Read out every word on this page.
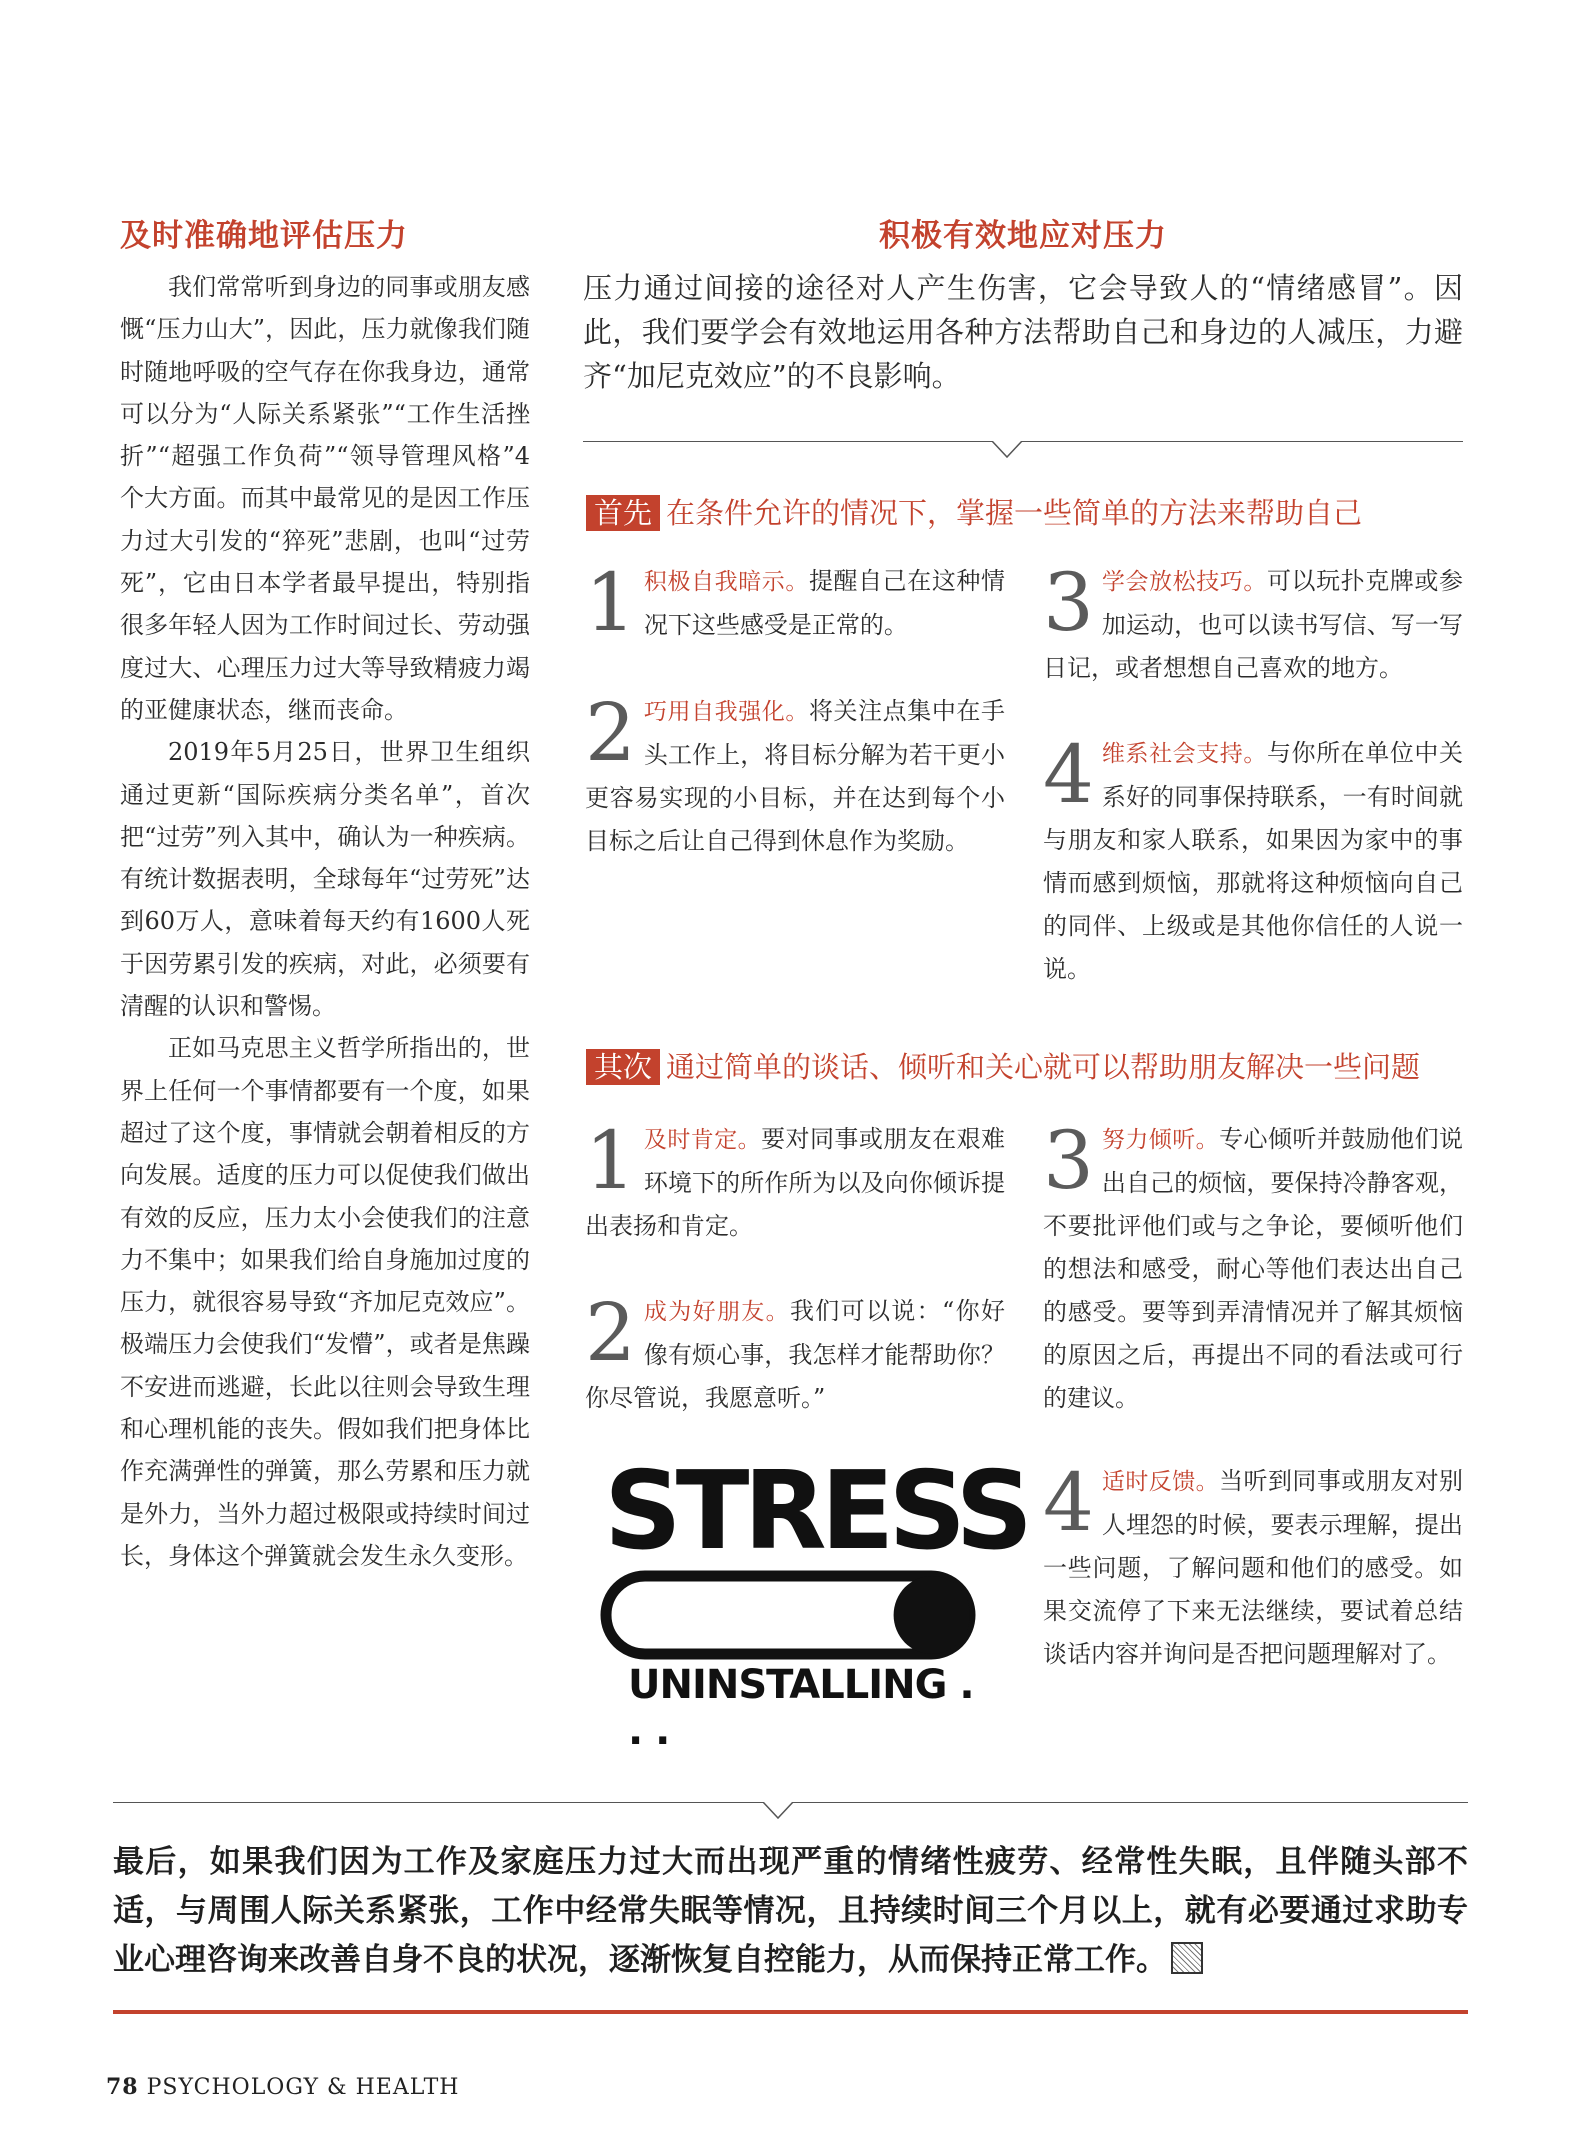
及时准确地评估压力

我们常常听到身边的同事或朋友感慨“压力山大”，因此，压力就像我们随时随地呼吸的空气存在你我身边，通常可以分为“人际关系紧张”“工作生活挫折”“超强工作负荷”“领导管理风格”4个大方面。而其中最常见的是因工作压力过大引发的“猝死”悲剧，也叫“过劳死”，它由日本学者最早提出，特别指很多年轻人因为工作时间过长、劳动强度过大、心理压力过大等导致精疲力竭的亚健康状态，继而丧命。

2019年5月25日，世界卫生组织通过更新“国际疾病分类名单”，首次把“过劳”列入其中，确认为一种疾病。有统计数据表明，全球每年“过劳死”达到60万人，意味着每天约有1600人死于因劳累引发的疾病，对此，必须要有清醒的认识和警惕。

正如马克思主义哲学所指出的，世界上任何一个事情都要有一个度，如果超过了这个度，事情就会朝着相反的方向发展。适度的压力可以促使我们做出有效的反应，压力太小会使我们的注意力不集中；如果我们给自身施加过度的压力，就很容易导致“齐加尼克效应”。极端压力会使我们“发懵”，或者是焦躁不安进而逃避，长此以往则会导致生理和心理机能的丧失。假如我们把身体比作充满弹性的弹簧，那么劳累和压力就是外力，当外力超过极限或持续时间过长，身体这个弹簧就会发生永久变形。

积极有效地应对压力

压力通过间接的途径对人产生伤害，它会导致人的“情绪感冒”。因此，我们要学会有效地运用各种方法帮助自己和身边的人减压，力避齐“加尼克效应”的不良影响。

首先 在条件允许的情况下，掌握一些简单的方法来帮助自己

1 积极自我暗示。提醒自己在这种情况下这些感受是正常的。

2 巧用自我强化。将关注点集中在手头工作上，将目标分解为若干更小更容易实现的小目标，并在达到每个小目标之后让自己得到休息作为奖励。

3 学会放松技巧。可以玩扑克牌或参加运动，也可以读书写信、写一写日记，或者想想自己喜欢的地方。

4 维系社会支持。与你所在单位中关系好的同事保持联系，一有时间就与朋友和家人联系，如果因为家中的事情而感到烦恼，那就将这种烦恼向自己的同伴、上级或是其他你信任的人说一说。

其次 通过简单的谈话、倾听和关心就可以帮助朋友解决一些问题

1 及时肯定。要对同事或朋友在艰难环境下的所作所为以及向你倾诉提出表扬和肯定。

2 成为好朋友。我们可以说：“你好像有烦心事，我怎样才能帮助你？你尽管说，我愿意听。”

3 努力倾听。专心倾听并鼓励他们说出自己的烦恼，要保持冷静客观，不要批评他们或与之争论，要倾听他们的想法和感受，耐心等他们表达出自己的感受。要等到弄清情况并了解其烦恼的原因之后，再提出不同的看法或可行的建议。

4 适时反馈。当听到同事或朋友对别人埋怨的时候，要表示理解，提出一些问题，了解问题和他们的感受。如果交流停了下来无法继续，要试着总结谈话内容并询问是否把问题理解对了。

STRESS
UNINSTALLING . . .

最后，如果我们因为工作及家庭压力过大而出现严重的情绪性疲劳、经常性失眠，且伴随头部不适，与周围人际关系紧张，工作中经常失眠等情况，且持续时间三个月以上，就有必要通过求助专业心理咨询来改善自身不良的状况，逐渐恢复自控能力，从而保持正常工作。

78 PSYCHOLOGY & HEALTH
